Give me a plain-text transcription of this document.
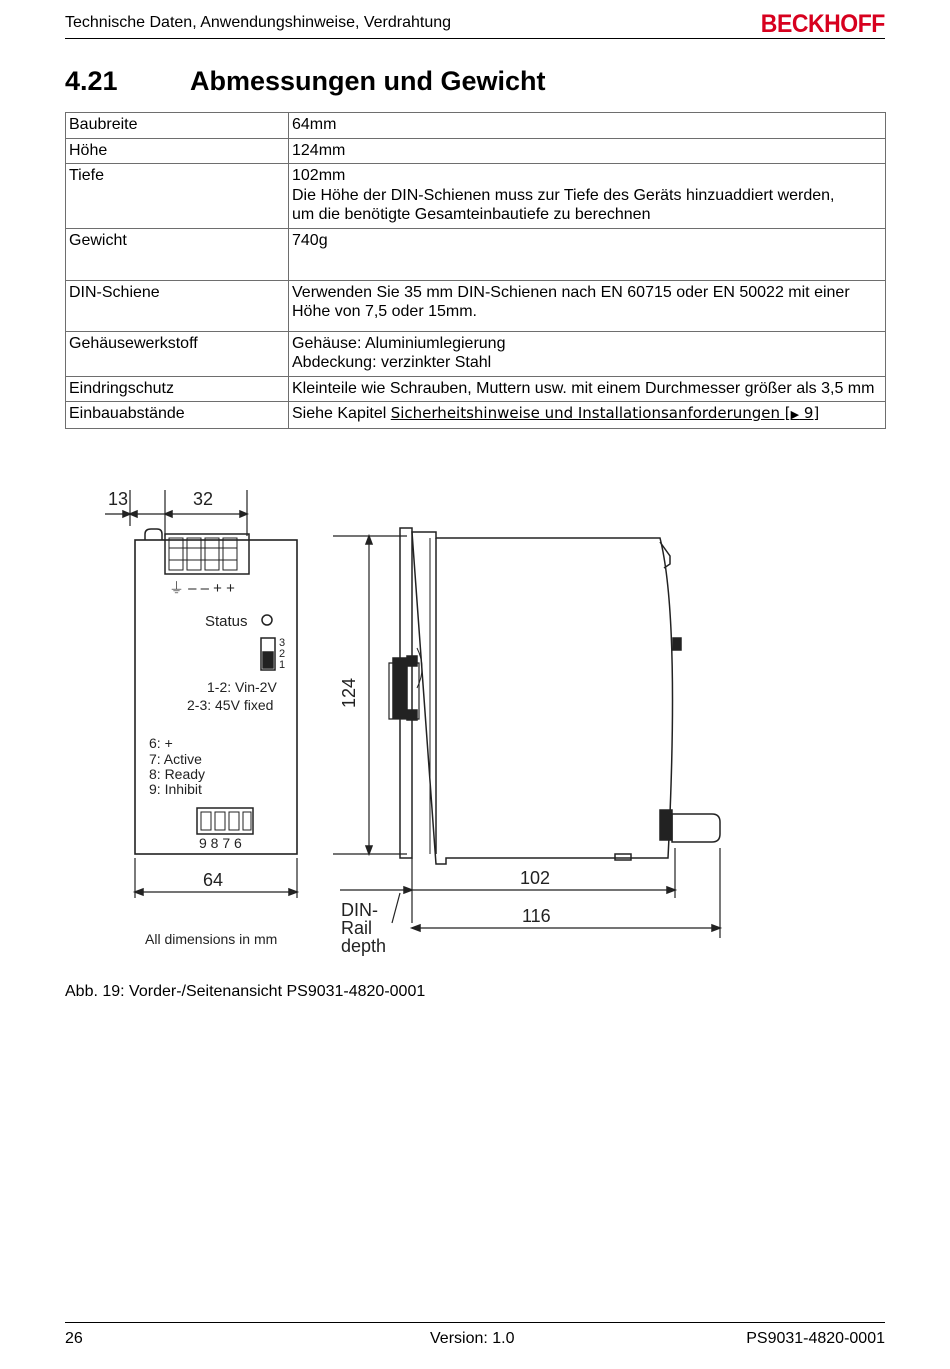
Technische Daten, Anwendungshinweise, Verdrahtung	BECKHOFF
4.21	Abmessungen und Gewicht
Baubreite	64mm
Höhe	124mm
Tiefe	102mm
Die Höhe der DIN-Schienen muss zur Tiefe des Geräts hinzuaddiert werden,
um die benötigte Gesamteinbautiefe zu berechnen

Gewicht	740g
DIN-Schiene	Verwenden Sie 35 mm DIN-Schienen nach EN 60715 oder EN 50022 mit einer Höhe von 7,5 oder 15mm.
Gehäusewerkstoff	Gehäuse: Aluminiumlegierung
Abdeckung: verzinkter Stahl

Eindringschutz	Kleinteile wie Schrauben, Muttern usw. mit einem Durchmesser größer als 3,5 mm
Einbauabstände	Siehe Kapitel Sicherheitshinweise und Installationsanforderungen [▶ 9]
13	32
⏚ – – + +
Status
3
2
1
1-2: Vin-2V
2-3: 45V fixed
6: +
7: Active
8: Ready
9: Inhibit
9 8 7 6
64
All dimensions in mm
124
102
116
DIN-
Rail
depth
Abb. 19: Vorder-/Seitenansicht PS9031-4820-0001
26	Version: 1.0	PS9031-4820-0001
